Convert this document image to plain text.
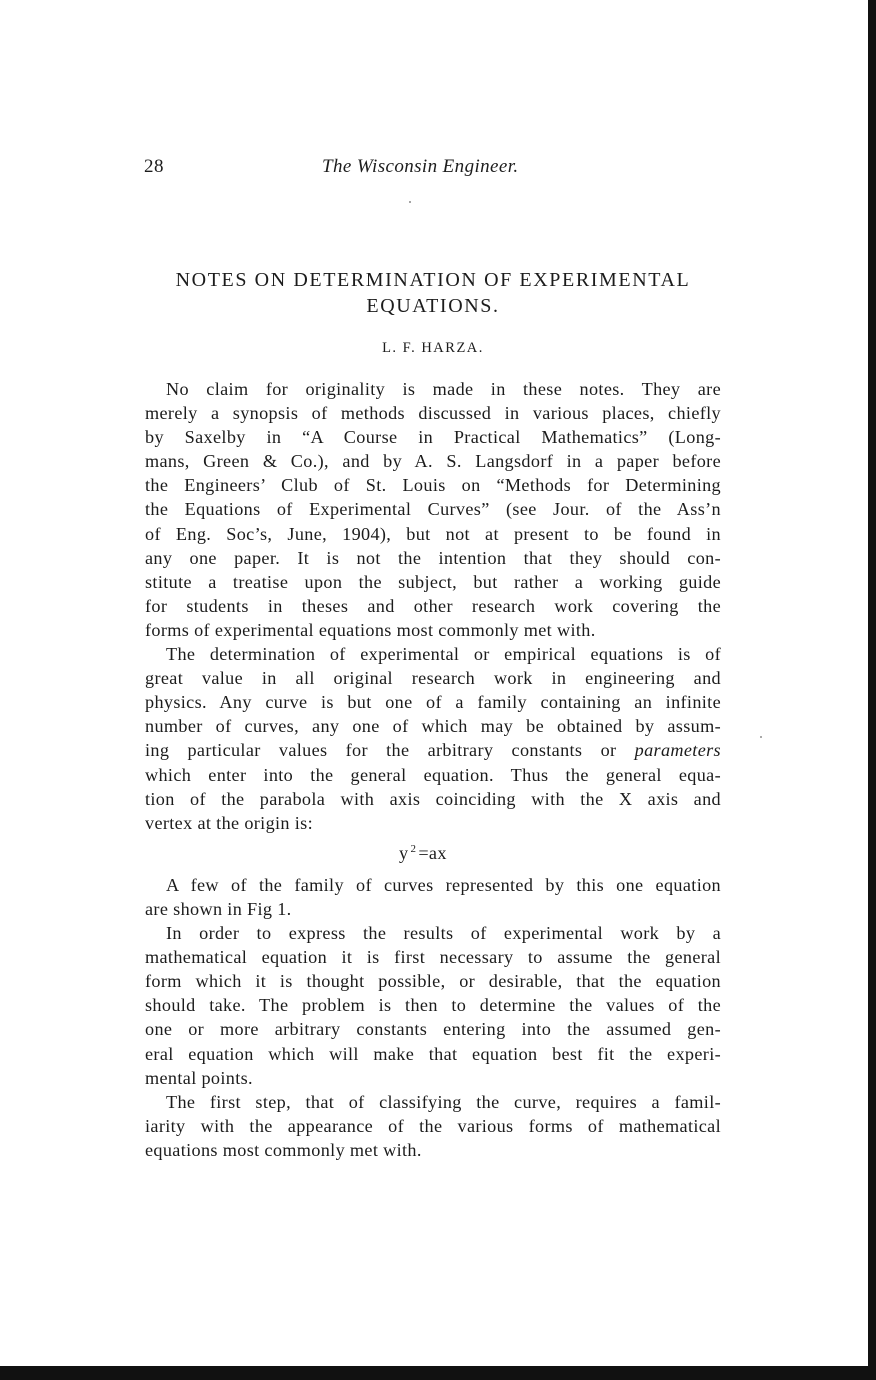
28	The Wisconsin Engineer.
NOTES ON DETERMINATION OF EXPERIMENTAL
EQUATIONS.
L. F. HARZA.
No claim for originality is made in these notes. They are
merely a synopsis of methods discussed in various places, chiefly
by Saxelby in “A Course in Practical Mathematics” (Long-
mans, Green & Co.), and by A. S. Langsdorf in a paper before
the Engineers’ Club of St. Louis on “Methods for Determining
the Equations of Experimental Curves” (see Jour. of the Ass’n
of Eng. Soc’s, June, 1904), but not at present to be found in
any one paper. It is not the intention that they should con-
stitute a treatise upon the subject, but rather a working guide
for students in theses and other research work covering the
forms of experimental equations most commonly met with.
The determination of experimental or empirical equations is of
great value in all original research work in engineering and
physics. Any curve is but one of a family containing an infinite
number of curves, any one of which may be obtained by assum-
ing particular values for the arbitrary constants or parameters
which enter into the general equation. Thus the general equa-
tion of the parabola with axis coinciding with the X axis and
vertex at the origin is:
y $^2$ =ax
A few of the family of curves represented by this one equation
are shown in Fig 1.
In order to express the results of experimental work by a
mathematical equation it is first necessary to assume the general
form which it is thought possible, or desirable, that the equation
should take. The problem is then to determine the values of the
one or more arbitrary constants entering into the assumed gen-
eral equation which will make that equation best fit the experi-
mental points.
The first step, that of classifying the curve, requires a famil-
iarity with the appearance of the various forms of mathematical
equations most commonly met with.
